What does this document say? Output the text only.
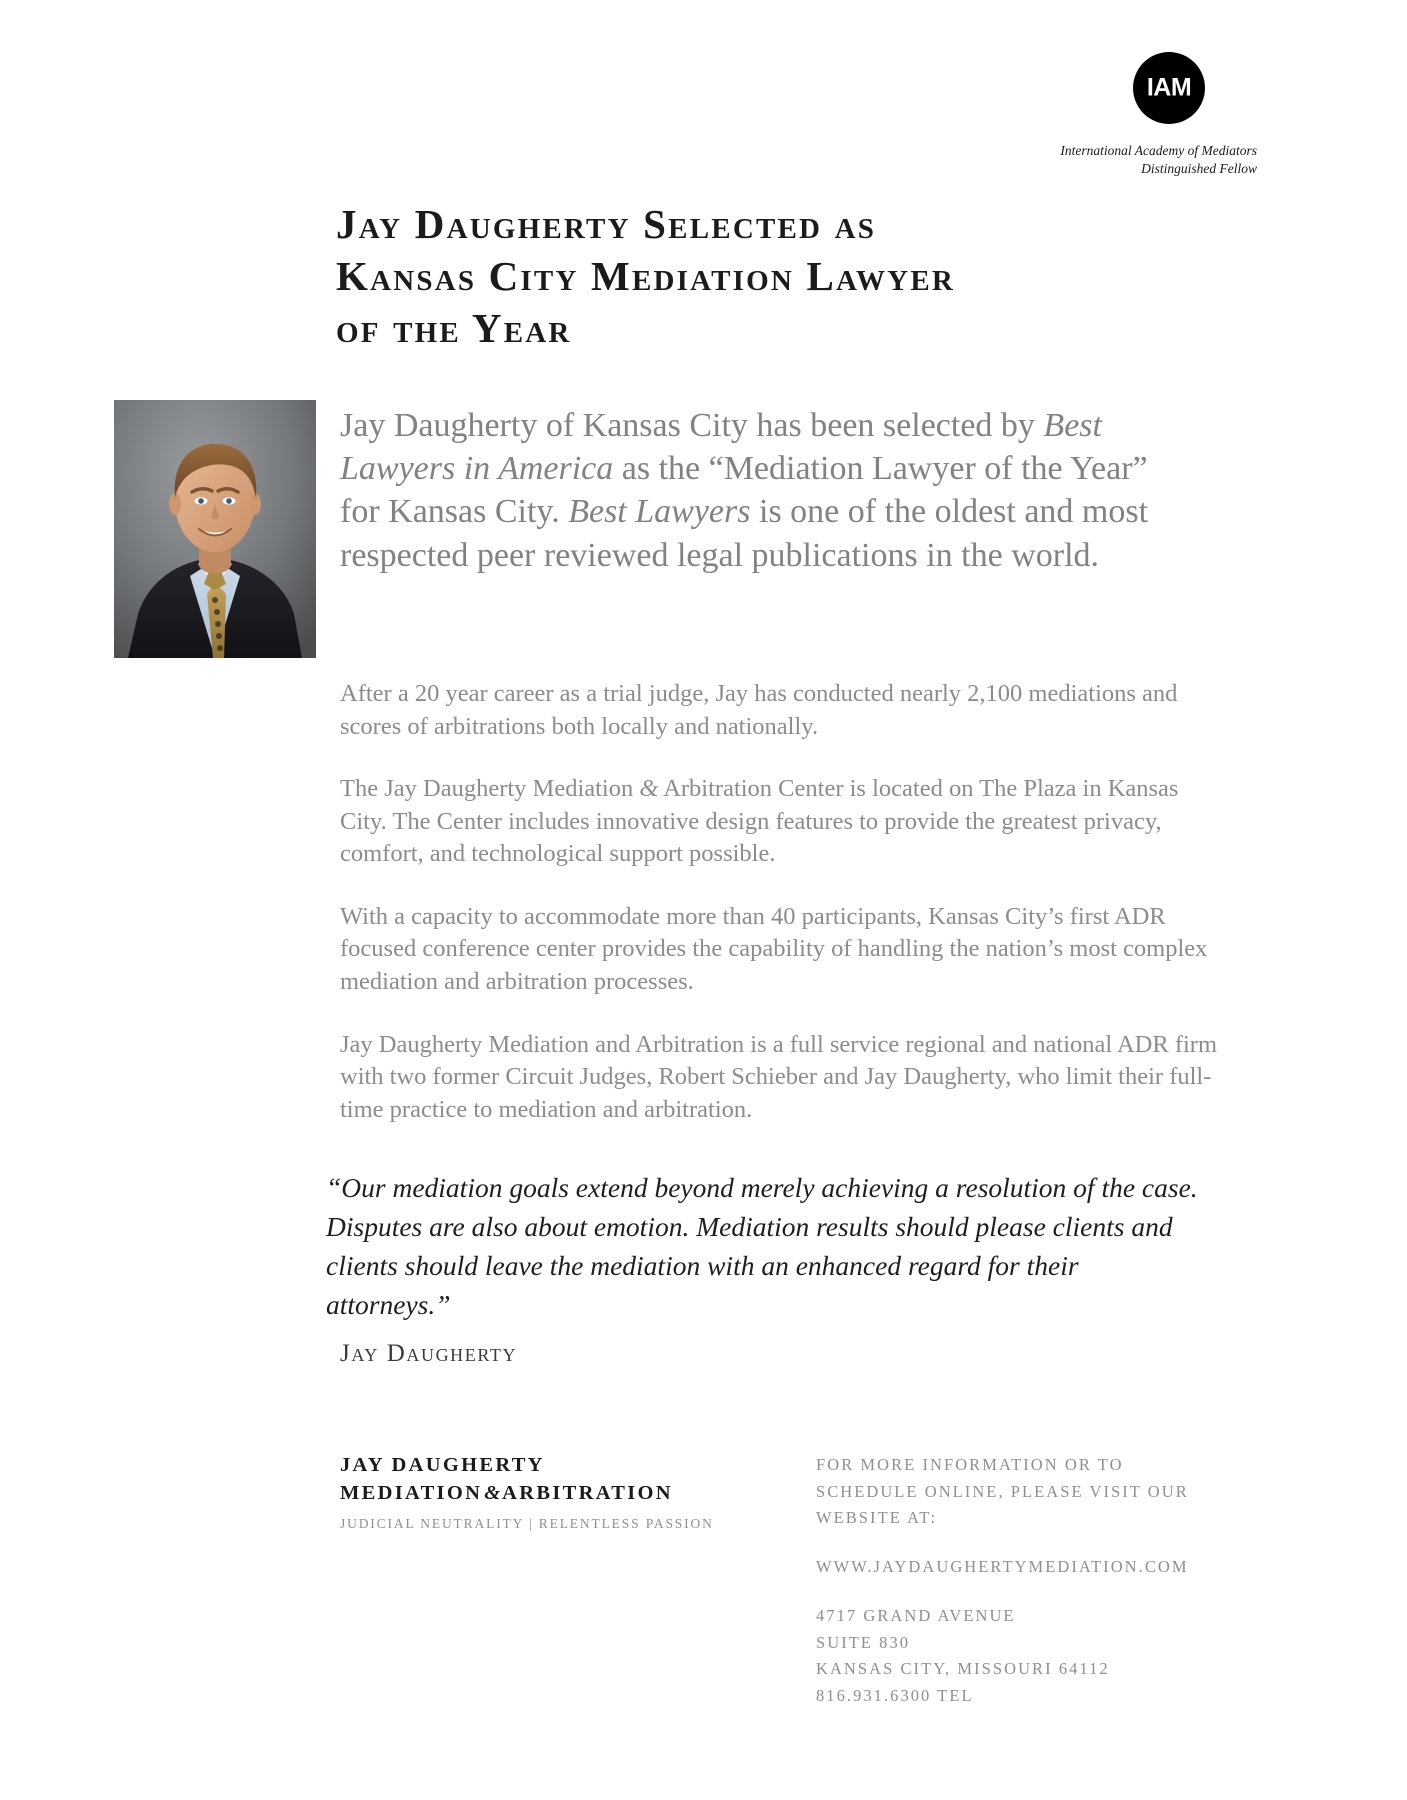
IAM
International Academy of Mediators
Distinguished Fellow
Jay Daugherty Selected as
Kansas City Mediation Lawyer
of the Year
Jay Daugherty of Kansas City has been selected by Best Lawyers in America as the “Mediation Lawyer of the Year” for Kansas City. Best Lawyers is one of the oldest and most respected peer reviewed legal publications in the world.

After a 20 year career as a trial judge, Jay has conducted nearly 2,100 mediations and scores of arbitrations both locally and nationally.

The Jay Daugherty Mediation & Arbitration Center is located on The Plaza in Kansas City. The Center includes innovative design features to provide the greatest privacy, comfort, and technological support possible.

With a capacity to accommodate more than 40 participants, Kansas City’s first ADR focused conference center provides the capability of handling the nation’s most complex mediation and arbitration processes.

Jay Daugherty Mediation and Arbitration is a full service regional and national ADR firm with two former Circuit Judges, Robert Schieber and Jay Daugherty, who limit their full-time practice to mediation and arbitration.

“Our mediation goals extend beyond merely achieving a resolution of the case. Disputes are also about emotion. Mediation results should please clients and clients should leave the mediation with an enhanced regard for their attorneys.”
Jay Daugherty
JAY DAUGHERTY
MEDIATION&ARBITRATION
JUDICIAL NEUTRALITY | RELENTLESS PASSION
FOR MORE INFORMATION OR TO
SCHEDULE ONLINE, PLEASE VISIT OUR
WEBSITE AT:
WWW.JAYDAUGHERTYMEDIATION.COM
4717 GRAND AVENUE
SUITE 830
KANSAS CITY, MISSOURI 64112
816.931.6300 TEL
